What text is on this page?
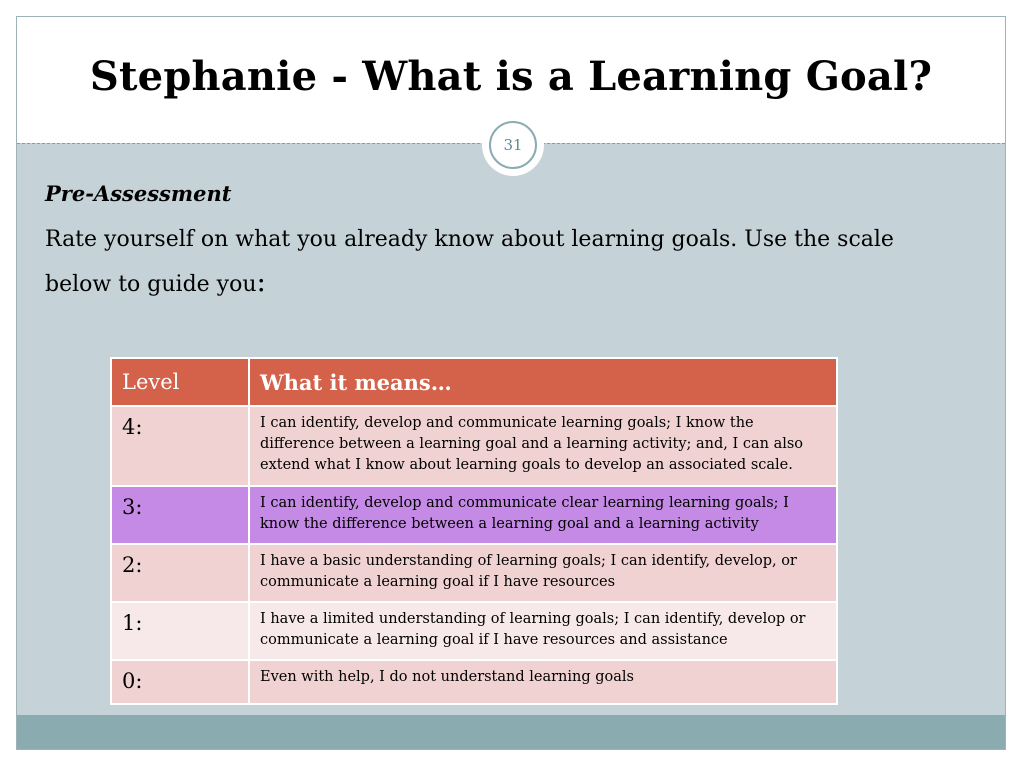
Stephanie - What is a Learning Goal?
31
Pre-Assessment
Rate yourself on what you already know about learning goals. Use the scale below to guide you:
Level	What it means…
4:	I can identify, develop and communicate learning goals; I know the difference between a learning goal and a learning activity; and, I can also extend what I know about learning goals to develop an associated scale.
3:	I can identify, develop and communicate clear learning learning goals; I know the difference between a learning goal and a learning activity
2:	I have a basic understanding of learning goals; I can identify, develop, or communicate a learning goal if I have resources
1:	I have a limited understanding of learning goals; I can identify, develop or communicate a learning goal if I have resources and assistance
0:	Even with help, I do not understand learning goals
